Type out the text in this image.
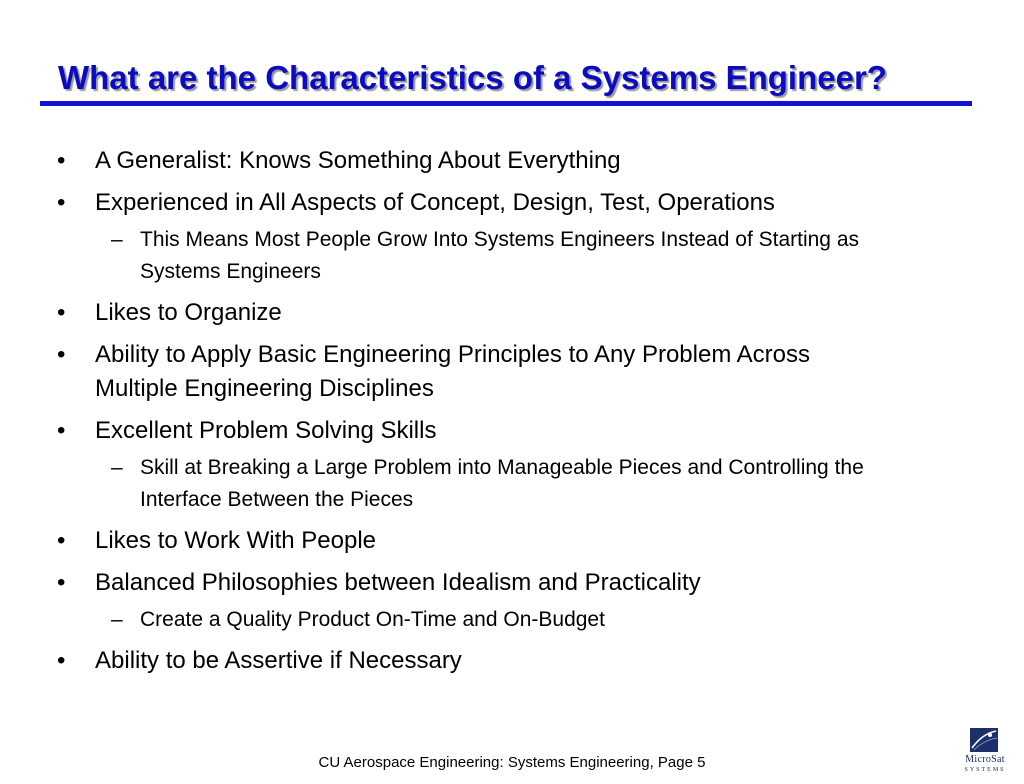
What are the Characteristics of a Systems Engineer?
• A Generalist: Knows Something About Everything
• Experienced in All Aspects of Concept, Design, Test, Operations
– This Means Most People Grow Into Systems Engineers Instead of Starting as Systems Engineers
• Likes to Organize
• Ability to Apply Basic Engineering Principles to Any Problem Across Multiple Engineering Disciplines
• Excellent Problem Solving Skills
– Skill at Breaking a Large Problem into Manageable Pieces and Controlling the Interface Between the Pieces
• Likes to Work With People
• Balanced Philosophies between Idealism and Practicality
– Create a Quality Product On-Time and On-Budget
• Ability to be Assertive if Necessary
CU Aerospace Engineering: Systems Engineering, Page 5	MicroSat
SYSTEMS
